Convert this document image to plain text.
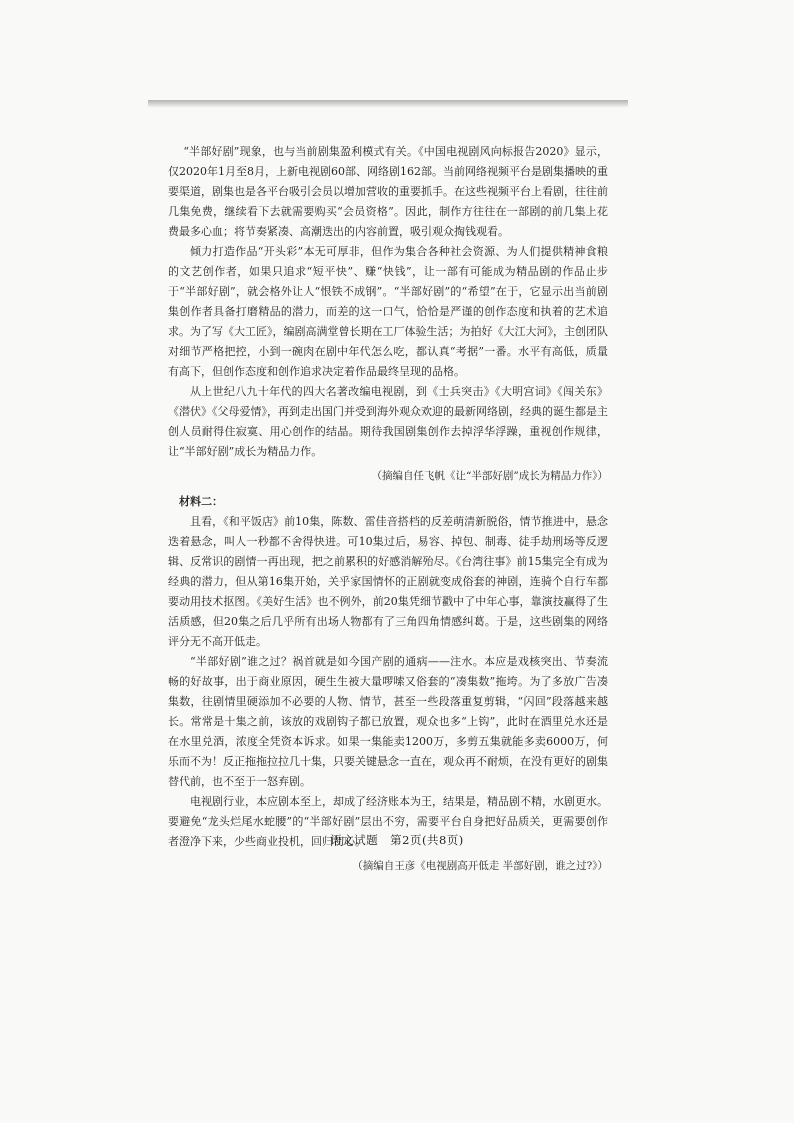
“半部好剧”现象，也与当前剧集盈利模式有关。《中国电视剧风向标报告2020》显示，仅2020年1月至8月，上新电视剧60部、网络剧162部。当前网络视频平台是剧集播映的重要渠道，剧集也是各平台吸引会员以增加营收的重要抓手。在这些视频平台上看剧，往往前几集免费，继续看下去就需要购买“会员资格”。因此，制作方往往在一部剧的前几集上花费最多心血；将节奏紧凑、高潮迭出的内容前置，吸引观众掏钱观看。

倾力打造作品“开头彩”本无可厚非，但作为集合各种社会资源、为人们提供精神食粮的文艺创作者，如果只追求“短平快”、赚“快钱”，让一部有可能成为精品剧的作品止步于“半部好剧”，就会格外让人“恨铁不成钢”。“半部好剧”的“希望”在于，它显示出当前剧集创作者具备打磨精品的潜力，而差的这一口气，恰恰是严谨的创作态度和执着的艺术追求。为了写《大工匠》，编剧高满堂曾长期在工厂体验生活；为拍好《大江大河》，主创团队对细节严格把控，小到一碗肉在剧中年代怎么吃，都认真“考据”一番。水平有高低，质量有高下，但创作态度和创作追求决定着作品最终呈现的品格。

从上世纪八九十年代的四大名著改编电视剧，到《士兵突击》《大明宫词》《闯关东》《潜伏》《父母爱情》，再到走出国门并受到海外观众欢迎的最新网络剧，经典的诞生都是主创人员耐得住寂寞、用心创作的结晶。期待我国剧集创作去掉浮华浮躁，重视创作规律，让“半部好剧”成长为精品力作。

（摘编自任飞帆《让“半部好剧”成长为精品力作》）

材料二：

且看，《和平饭店》前10集，陈数、雷佳音搭档的反差萌清新脱俗，情节推进中，悬念迭着悬念，叫人一秒都不舍得快进。可10集过后，易容、掉包、制毒、徒手劫刑场等反逻辑、反常识的剧情一再出现，把之前累积的好感消解殆尽。《台湾往事》前15集完全有成为经典的潜力，但从第16集开始，关乎家国情怀的正剧就变成俗套的神剧，连骑个自行车都要动用技术抠图。《美好生活》也不例外，前20集凭细节戳中了中年心事，靠演技赢得了生活质感，但20集之后几乎所有出场人物都有了三角四角情感纠葛。于是，这些剧集的网络评分无不高开低走。

“半部好剧”谁之过？祸首就是如今国产剧的通病——注水。本应是戏核突出、节奏流畅的好故事，出于商业原因，硬生生被大量啰嗦又俗套的“凑集数”拖垮。为了多放广告凑集数，往剧情里硬添加不必要的人物、情节，甚至一些段落重复剪辑，“闪回”段落越来越长。常常是十集之前，该放的戏剧钩子都已放置，观众也多“上钩”，此时在酒里兑水还是在水里兑酒，浓度全凭资本诉求。如果一集能卖1200万，多剪五集就能多卖6000万，何乐而不为！反正拖拖拉拉几十集，只要关键悬念一直在，观众再不耐烦，在没有更好的剧集替代前，也不至于一怒弃剧。

电视剧行业，本应剧本至上，却成了经济账本为王，结果是，精品剧不精，水剧更水。要避免“龙头烂尾水蛇腰”的“半部好剧”层出不穷，需要平台自身把好品质关，更需要创作者澄净下来，少些商业投机，回归初心。

（摘编自王彦《电视剧高开低走 半部好剧，谁之过?》）

语文试题　第2页(共8页)
